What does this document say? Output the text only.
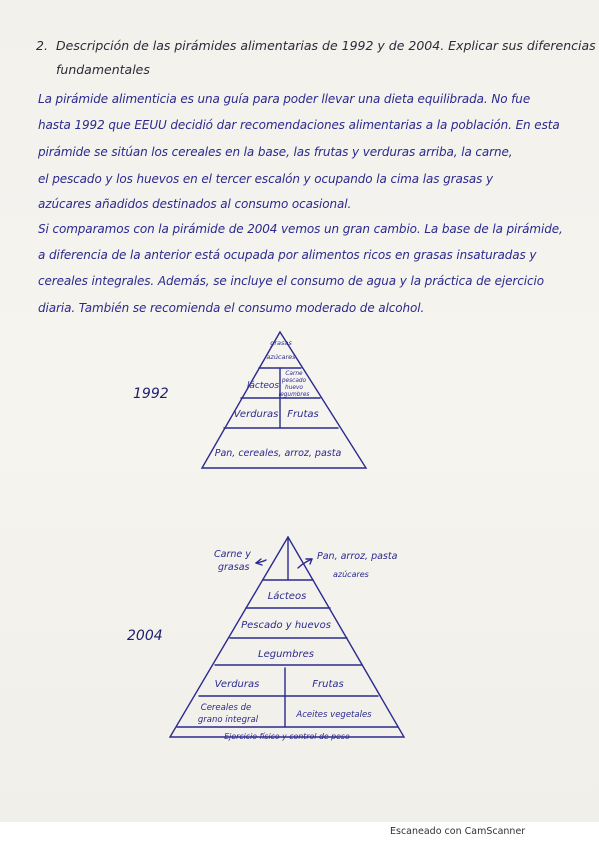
2. Descripción de las pirámides alimentarias de 1992 y de 2004. Explicar sus diferencias
fundamentales
La pirámide alimenticia es una guía para poder llevar una dieta equilibrada. No fue
hasta 1992 que EEUU decidió dar recomendaciones alimentarias a la población. En esta
pirámide se sitúan los cereales en la base, las frutas y verduras arriba, la carne,
el pescado y los huevos en el tercer escalón y ocupando la cima las grasas y
azúcares añadidos destinados al consumo ocasional.
Si comparamos con la pirámide de 2004 vemos un gran cambio. La base de la pirámide,
a diferencia de la anterior está ocupada por alimentos ricos en grasas insaturadas y
cereales integrales. Además, se incluye el consumo de agua y la práctica de ejercicio
diaria. También se recomienda el consumo moderado de alcohol.
1992
2004
grasas
azúcares
lácteos
Carne
pescado
huevo
legumbres
Verduras Frutas
Pan, cereales, arroz, pasta
Carne y
grasas
Pan, arroz, pasta
azúcares
Lácteos
Pescado y huevos
Legumbres
Verduras	Frutas
Cereales de
grano integral	Aceites vegetales
Ejercicio físico y control de peso
Escaneado con CamScanner
